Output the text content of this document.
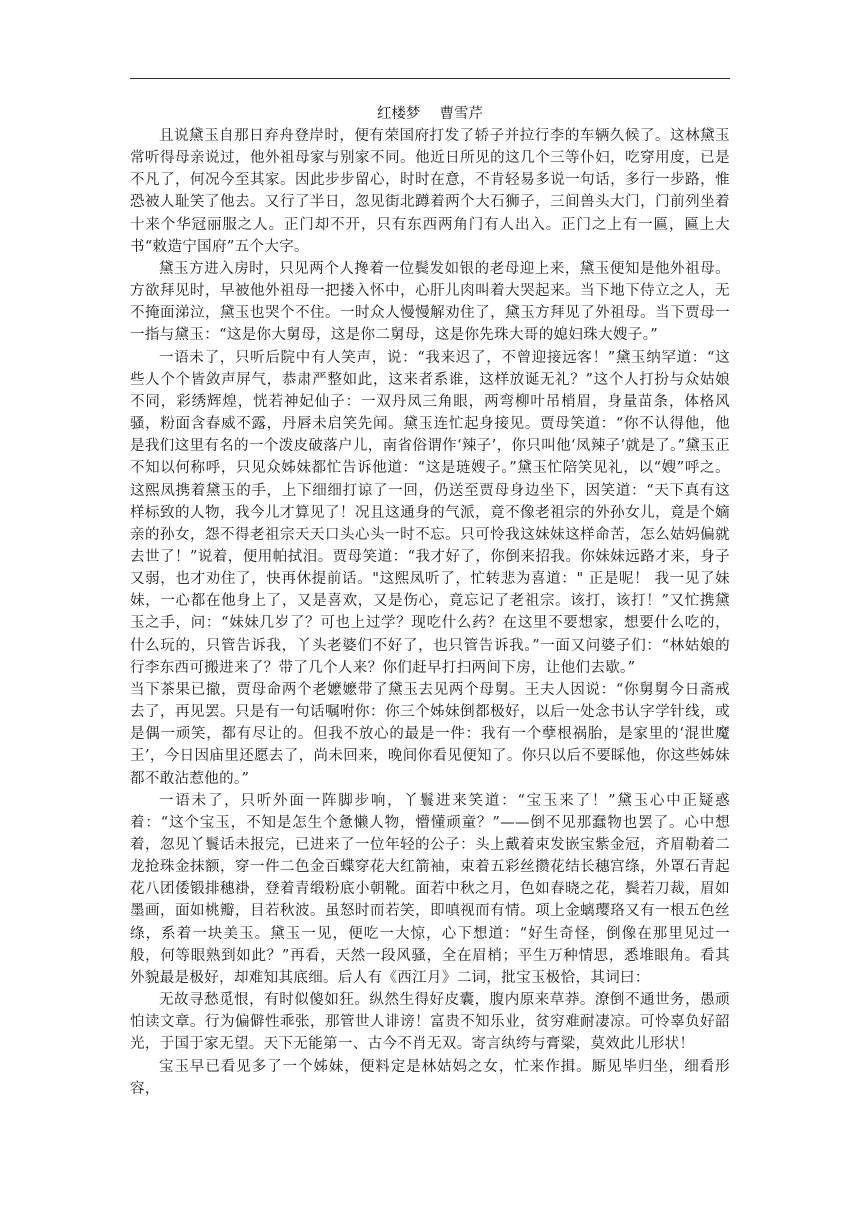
红楼梦　 曹雪芹

且说黛玉自那日弃舟登岸时，便有荣国府打发了轿子并拉行李的车辆久候了。这林黛玉常听得母亲说过，他外祖母家与别家不同。他近日所见的这几个三等仆妇，吃穿用度，已是不凡了，何况今至其家。因此步步留心，时时在意，不肯轻易多说一句话，多行一步路，惟恐被人耻笑了他去。又行了半日，忽见街北蹲着两个大石狮子，三间兽头大门，门前列坐着十来个华冠丽服之人。正门却不开，只有东西两角门有人出入。正门之上有一匾，匾上大书“敕造宁国府”五个大字。

黛玉方进入房时，只见两个人搀着一位鬓发如银的老母迎上来，黛玉便知是他外祖母。方欲拜见时，早被他外祖母一把搂入怀中，心肝儿肉叫着大哭起来。当下地下侍立之人，无不掩面涕泣，黛玉也哭个不住。一时众人慢慢解劝住了，黛玉方拜见了外祖母。当下贾母一一指与黛玉：“这是你大舅母，这是你二舅母，这是你先珠大哥的媳妇珠大嫂子。”

一语未了，只听后院中有人笑声，说：“我来迟了，不曾迎接远客！”黛玉纳罕道：“这些人个个皆敛声屏气，恭肃严整如此，这来者系谁，这样放诞无礼？”这个人打扮与众姑娘不同，彩绣辉煌，恍若神妃仙子：一双丹凤三角眼，两弯柳叶吊梢眉，身量苗条，体格风骚，粉面含春威不露，丹唇未启笑先闻。黛玉连忙起身接见。贾母笑道：“你不认得他，他是我们这里有名的一个泼皮破落户儿，南省俗谓作‘辣子’，你只叫他‘凤辣子’就是了。”黛玉正不知以何称呼，只见众姊妹都忙告诉他道：“这是琏嫂子。”黛玉忙陪笑见礼，以“嫂”呼之。这熙凤携着黛玉的手，上下细细打谅了一回，仍送至贾母身边坐下，因笑道：“天下真有这样标致的人物，我今儿才算见了！况且这通身的气派，竟不像老祖宗的外孙女儿，竟是个嫡亲的孙女，怨不得老祖宗天天口头心头一时不忘。只可怜我这妹妹这样命苦，怎么姑妈偏就去世了！”说着，便用帕拭泪。贾母笑道：“我才好了，你倒来招我。你妹妹远路才来，身子又弱，也才劝住了，快再休提前话。"这熙凤听了，忙转悲为喜道：" 正是呢！ 我一见了妹妹，一心都在他身上了，又是喜欢，又是伤心，竟忘记了老祖宗。该打，该打！”又忙携黛玉之手，问：“妹妹几岁了？可也上过学？现吃什么药？在这里不要想家，想要什么吃的，什么玩的，只管告诉我，丫头老婆们不好了，也只管告诉我。”一面又问婆子们：“林姑娘的行李东西可搬进来了？带了几个人来？你们赶早打扫两间下房，让他们去歇。”

当下茶果已撤，贾母命两个老嬷嬷带了黛玉去见两个母舅。王夫人因说：“你舅舅今日斋戒去了，再见罢。只是有一句话嘱咐你：你三个姊妹倒都极好，以后一处念书认字学针线，或是偶一顽笑，都有尽让的。但我不放心的最是一件：我有一个孽根祸胎，是家里的‘混世魔王’，今日因庙里还愿去了，尚未回来，晚间你看见便知了。你只以后不要睬他，你这些姊妹都不敢沾惹他的。”

一语未了，只听外面一阵脚步响，丫鬟进来笑道：“宝玉来了！”黛玉心中正疑惑着：“这个宝玉，不知是怎生个惫懒人物，懵懂顽童？”——倒不见那蠢物也罢了。心中想着，忽见丫鬟话未报完，已进来了一位年轻的公子：头上戴着束发嵌宝紫金冠，齐眉勒着二龙抢珠金抹额，穿一件二色金百蝶穿花大红箭袖，束着五彩丝攒花结长穗宫绦，外罩石青起花八团倭锻排穗褂，登着青缎粉底小朝靴。面若中秋之月，色如春晓之花，鬓若刀裁，眉如墨画，面如桃瓣，目若秋波。虽怒时而若笑，即嗔视而有情。项上金螭璎珞又有一根五色丝绦，系着一块美玉。黛玉一见，便吃一大惊，心下想道：“好生奇怪，倒像在那里见过一般，何等眼熟到如此？”再看，天然一段风骚，全在眉梢；平生万种情思，悉堆眼角。看其外貌最是极好，却难知其底细。后人有《西江月》二词，批宝玉极恰，其词曰：

无故寻愁觅恨，有时似傻如狂。纵然生得好皮囊，腹内原来草莽。潦倒不通世务，愚顽怕读文章。行为偏僻性乖张，那管世人诽谤！富贵不知乐业，贫穷难耐凄凉。可怜辜负好韶光，于国于家无望。天下无能第一、古今不肖无双。寄言纨绔与膏粱，莫效此儿形状！

宝玉早已看见多了一个姊妹，便料定是林姑妈之女，忙来作揖。厮见毕归坐，细看形容，
